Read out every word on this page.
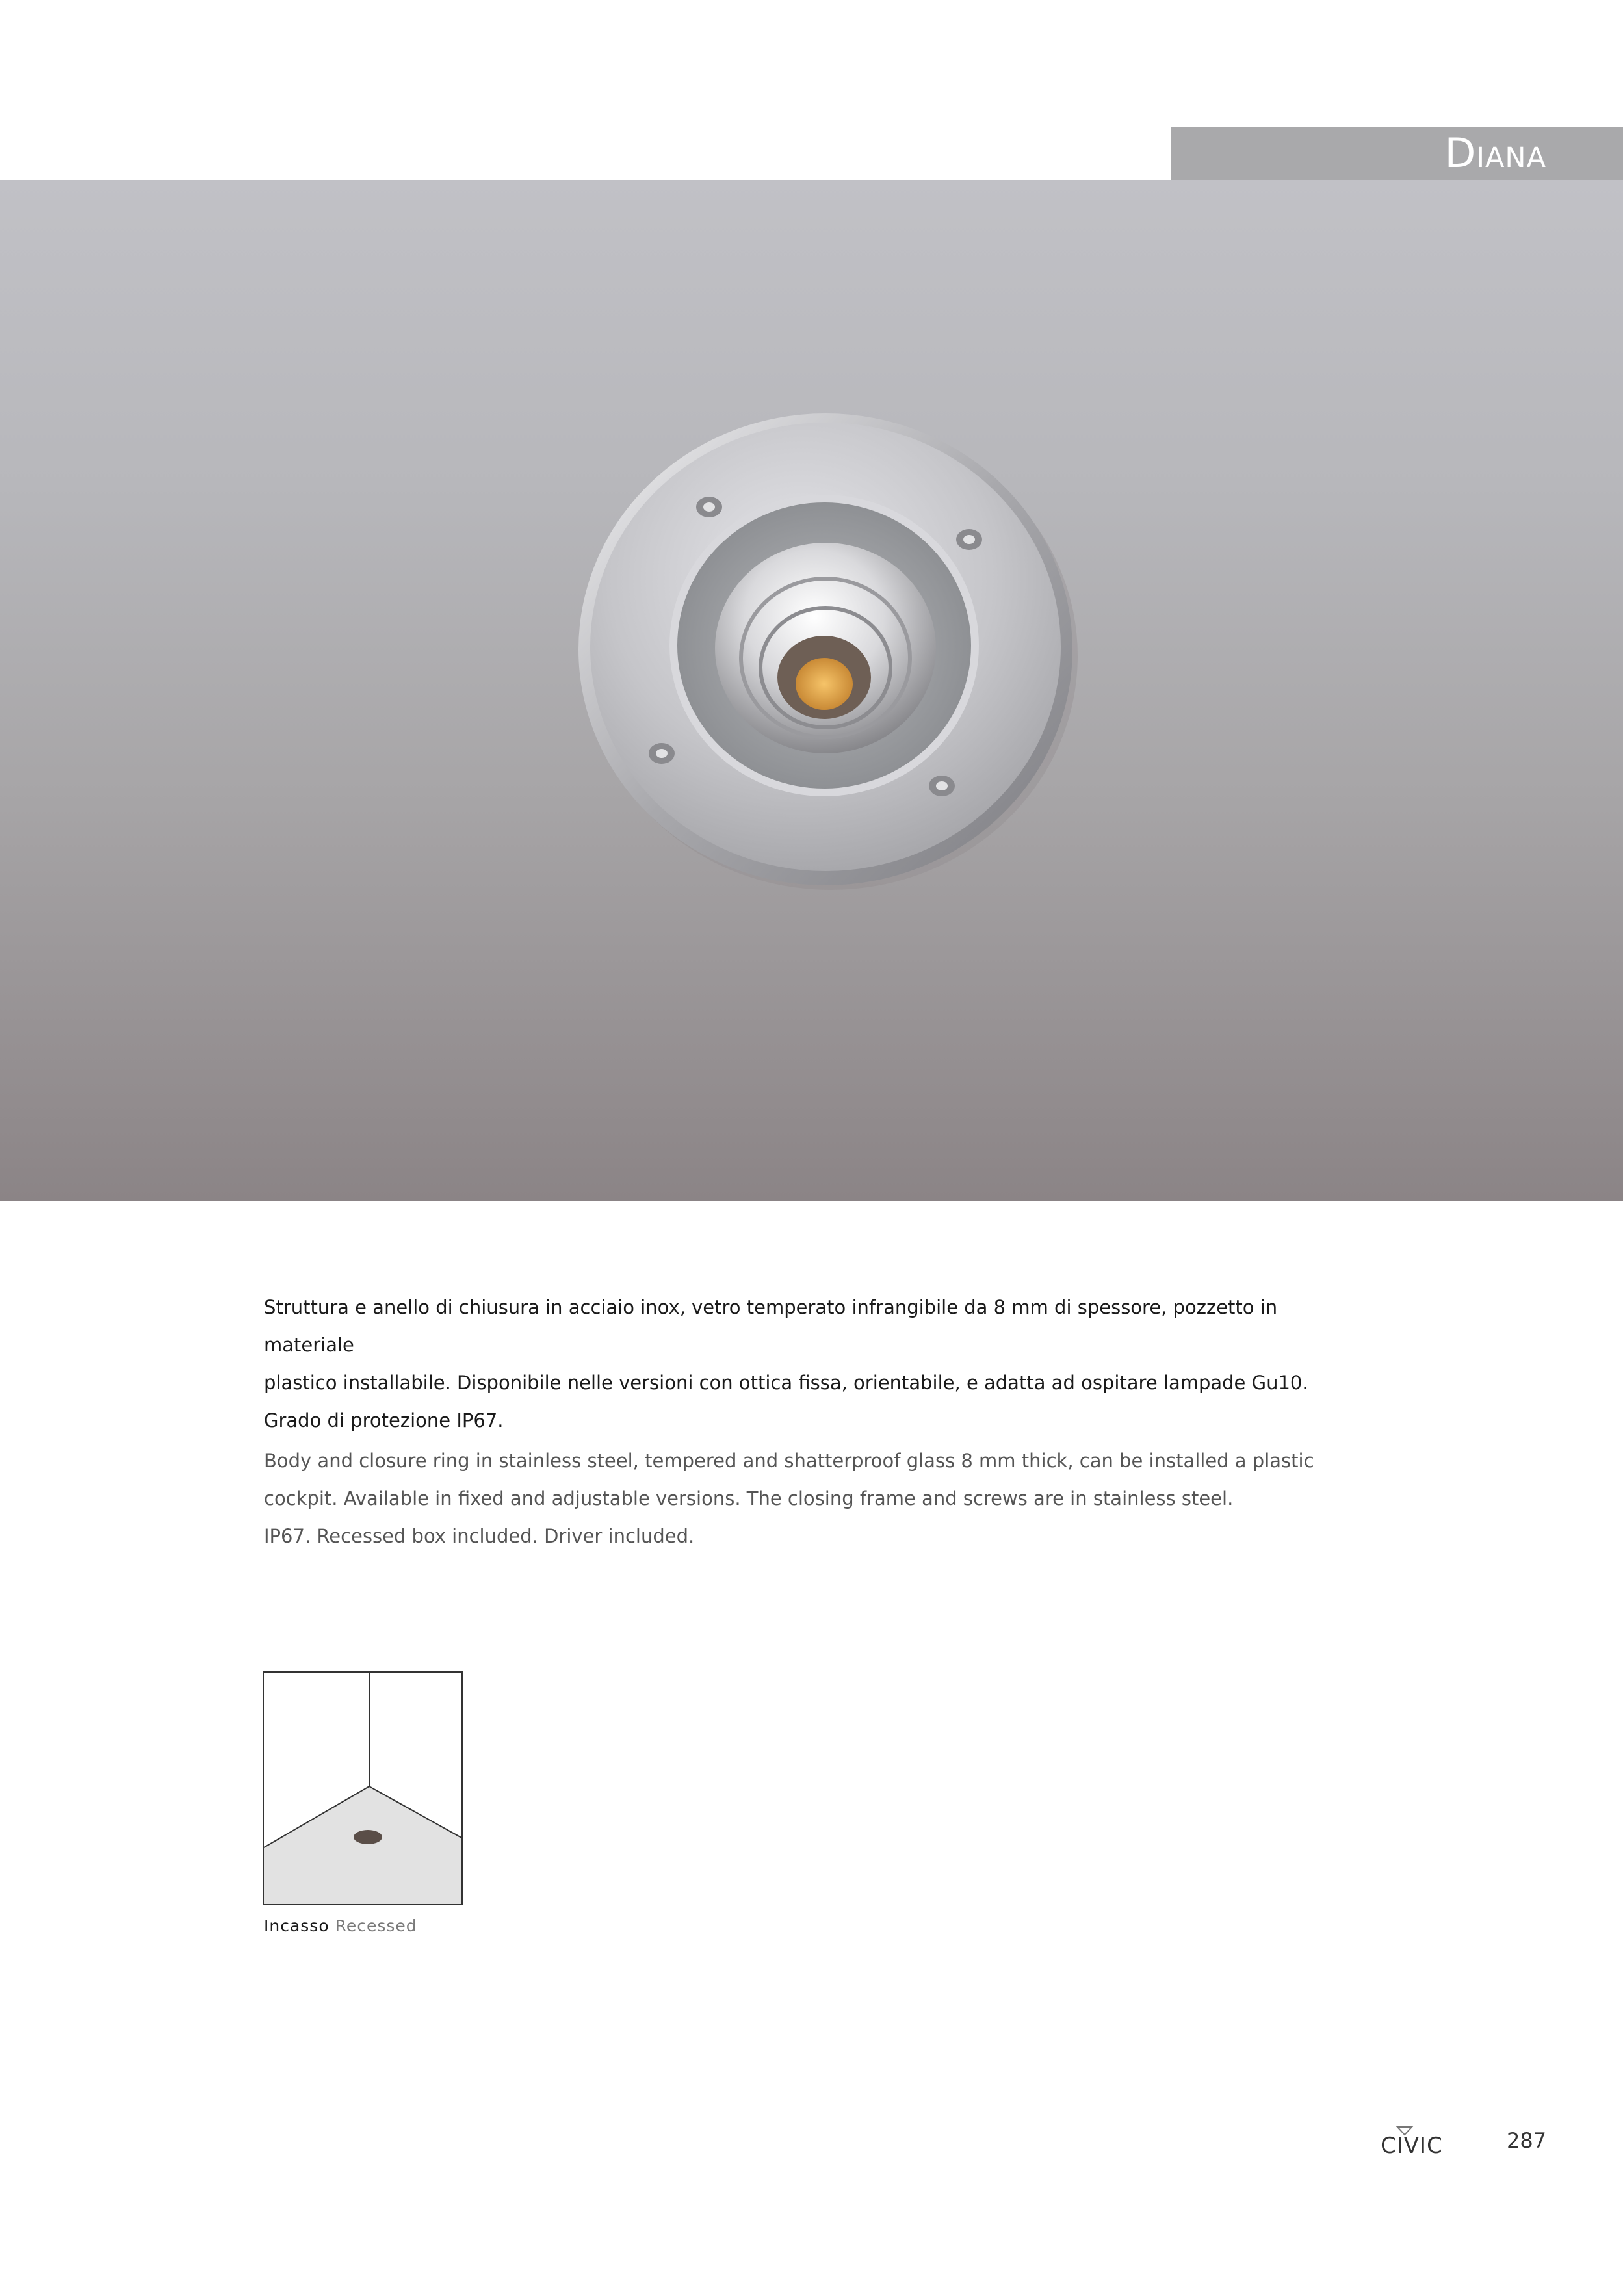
Diana

Struttura e anello di chiusura in acciaio inox, vetro temperato infrangibile da 8 mm di spessore, pozzetto in materiale

plastico installabile. Disponibile nelle versioni con ottica fissa, orientabile, e adatta ad ospitare lampade Gu10.

Grado di protezione IP67.

Body and closure ring in stainless steel, tempered and shatterproof glass 8 mm thick, can be installed a plastic

cockpit. Available in fixed and adjustable versions. The closing frame and screws are in stainless steel.

IP67. Recessed box included. Driver included.

Incasso Recessed
CIVIC	287
